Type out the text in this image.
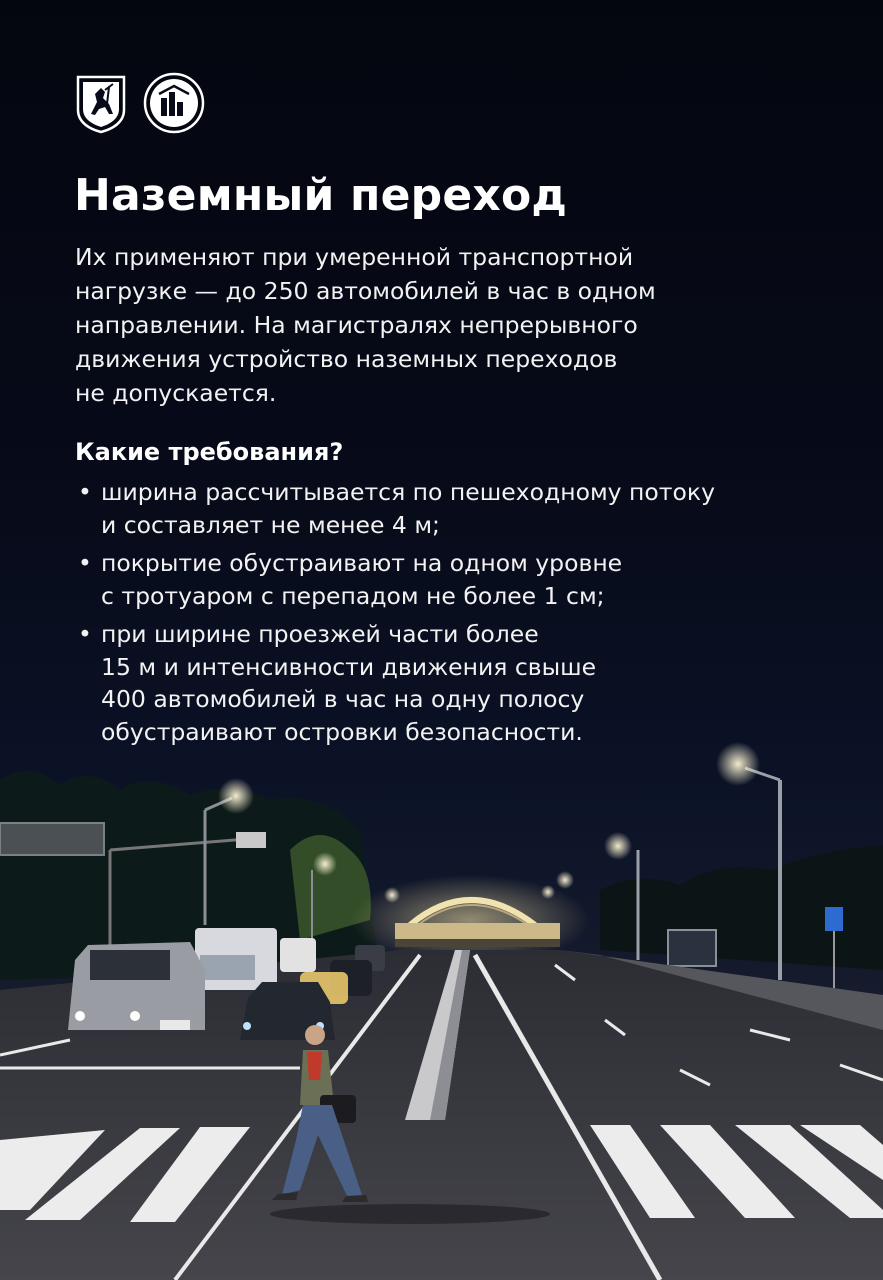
Наземный переход

Их применяют при умеренной транспортной
нагрузке — до 250 автомобилей в час в одном
направлении. На магистралях непрерывного
движения устройство наземных переходов
не допускается.

Какие требования?
• ширина рассчитывается по пешеходному потоку
и составляет не менее 4 м;
• покрытие обустраивают на одном уровне
с тротуаром с перепадом не более 1 см;
• при ширине проезжей части более
15 м и интенсивности движения свыше
400 автомобилей в час на одну полосу
обустраивают островки безопасности.
